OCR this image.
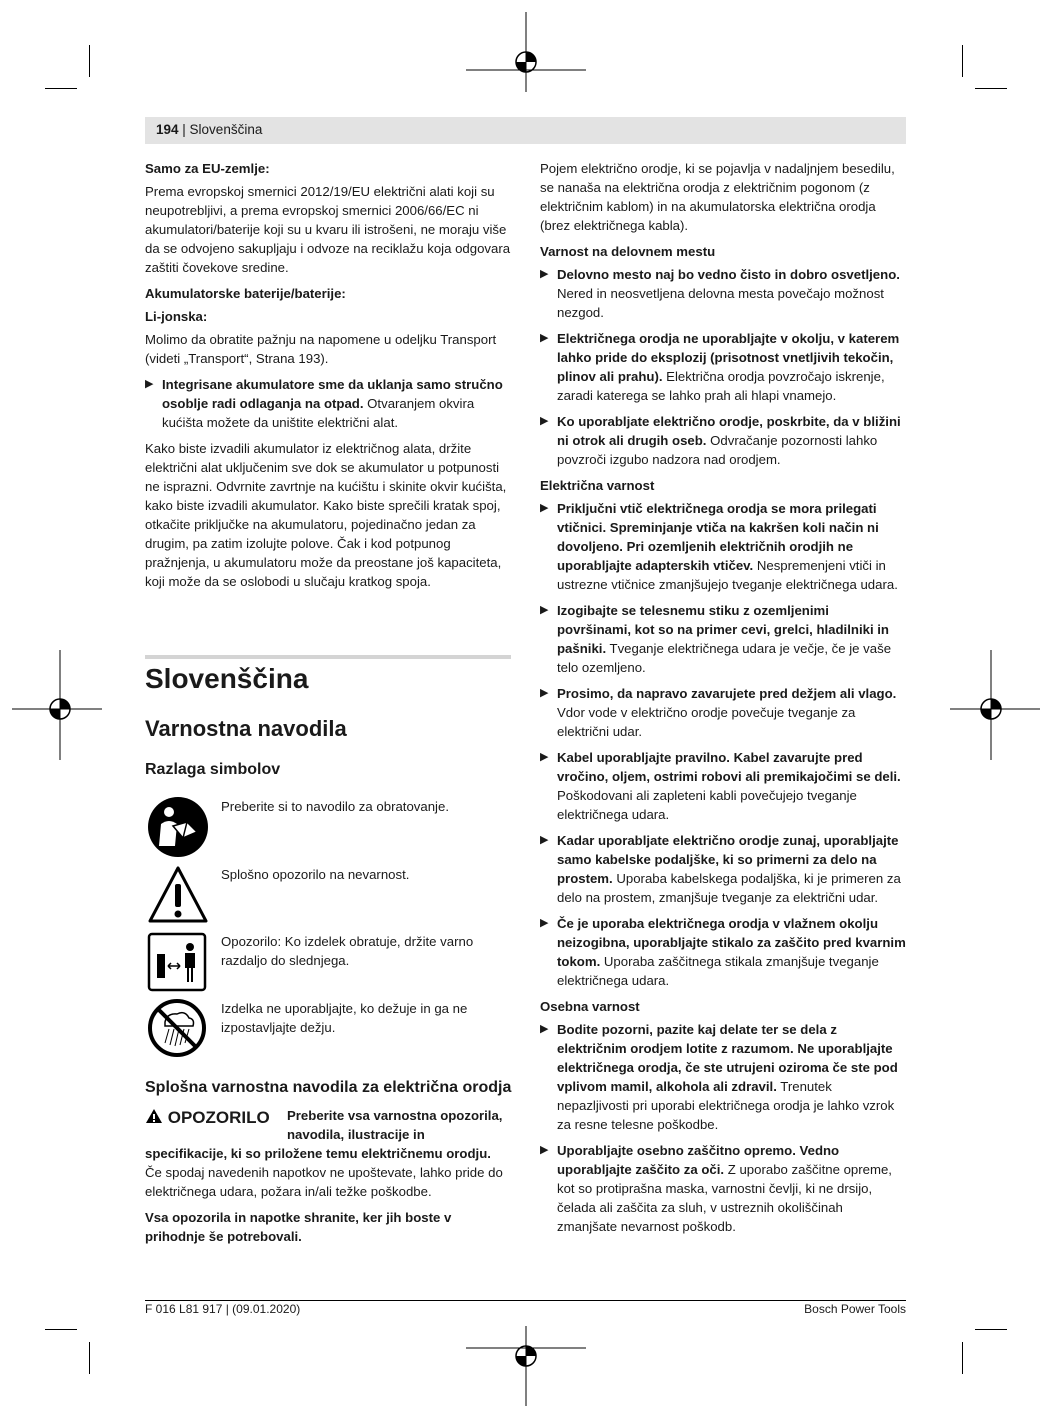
194 | Slovenščina
Samo za EU-zemlje:

Prema evropskoj smernici 2012/19/EU električni alati koji su neupotrebljivi, a prema evropskoj smernici 2006/66/EC ni akumulatori/baterije koji su u kvaru ili istrošeni, ne moraju više da se odvojeno sakupljaju i odvoze na reciklažu koja odgovara zaštiti čovekove sredine.

Akumulatorske baterije/baterije:
Li-jonska:

Molimo da obratite pažnju na napomene u odeljku Transport (videti „Transport“, Strana 193).

▶ Integrisane akumulatore sme da uklanja samo stručno osoblje radi odlaganja na otpad. Otvaranjem okvira kućišta možete da uništite električni alat.

Kako biste izvadili akumulator iz električnog alata, držite električni alat uključenim sve dok se akumulator u potpunosti ne isprazni. Odvrnite zavrtnje na kućištu i skinite okvir kućišta, kako biste izvadili akumulator. Kako biste sprečili kratak spoj, otkačite priključke na akumulatoru, pojedinačno jedan za drugim, pa zatim izolujte polove. Čak i kod potpunog pražnjenja, u akumulatoru može da preostane još kapaciteta, koji može da se oslobodi u slučaju kratkog spoja.

Slovenščina
Varnostna navodila
Razlaga simbolov
Preberite si to navodilo za obratovanje.
Splošno opozorilo na nevarnost.
Opozorilo: Ko izdelek obratuje, držite varno razdaljo do slednjega.
Izdelka ne uporabljajte, ko dežuje in ga ne izpostavljajte dežju.
Splošna varnostna navodila za električna orodja
OPOZORILO Preberite vsa varnostna opozorila, navodila, ilustracije in
specifikacije, ki so priložene temu električnemu orodju.

Če spodaj navedenih napotkov ne upoštevate, lahko pride do električnega udara, požara in/ali težke poškodbe.

Vsa opozorila in napotke shranite, ker jih boste v prihodnje še potrebovali.

Pojem električno orodje, ki se pojavlja v nadaljnjem besedilu, se nanaša na električna orodja z električnim pogonom (z električnim kablom) in na akumulatorska električna orodja (brez električnega kabla).

Varnost na delovnem mestu
▶ Delovno mesto naj bo vedno čisto in dobro osvetljeno. Nered in neosvetljena delovna mesta povečajo možnost nezgod.
▶ Električnega orodja ne uporabljajte v okolju, v katerem lahko pride do eksplozij (prisotnost vnetljivih tekočin, plinov ali prahu). Električna orodja povzročajo iskrenje, zaradi katerega se lahko prah ali hlapi vnamejo.
▶ Ko uporabljate električno orodje, poskrbite, da v bližini ni otrok ali drugih oseb. Odvračanje pozornosti lahko povzroči izgubo nadzora nad orodjem.
Električna varnost
▶ Priključni vtič električnega orodja se mora prilegati vtičnici. Spreminjanje vtiča na kakršen koli način ni dovoljeno. Pri ozemljenih električnih orodjih ne uporabljajte adapterskih vtičev. Nespremenjeni vtiči in ustrezne vtičnice zmanjšujejo tveganje električnega udara.
▶ Izogibajte se telesnemu stiku z ozemljenimi površinami, kot so na primer cevi, grelci, hladilniki in pašniki. Tveganje električnega udara je večje, če je vaše telo ozemljeno.
▶ Prosimo, da napravo zavarujete pred dežjem ali vlago. Vdor vode v električno orodje povečuje tveganje za električni udar.
▶ Kabel uporabljajte pravilno. Kabel zavarujte pred vročino, oljem, ostrimi robovi ali premikajočimi se deli. Poškodovani ali zapleteni kabli povečujejo tveganje električnega udara.
▶ Kadar uporabljate električno orodje zunaj, uporabljajte samo kabelske podaljške, ki so primerni za delo na prostem. Uporaba kabelskega podaljška, ki je primeren za delo na prostem, zmanjšuje tveganje za električni udar.
▶ Če je uporaba električnega orodja v vlažnem okolju neizogibna, uporabljajte stikalo za zaščito pred kvarnim tokom. Uporaba zaščitnega stikala zmanjšuje tveganje električnega udara.
Osebna varnost
▶ Bodite pozorni, pazite kaj delate ter se dela z električnim orodjem lotite z razumom. Ne uporabljajte električnega orodja, če ste utrujeni oziroma če ste pod vplivom mamil, alkohola ali zdravil. Trenutek nepazljivosti pri uporabi električnega orodja je lahko vzrok za resne telesne poškodbe.
▶ Uporabljajte osebno zaščitno opremo. Vedno uporabljajte zaščito za oči. Z uporabo zaščitne opreme, kot so protiprašna maska, varnostni čevlji, ki ne drsijo, čelada ali zaščita za sluh, v ustreznih okoliščinah zmanjšate nevarnost poškodb.
F 016 L81 917 | (09.01.2020)	Bosch Power Tools
